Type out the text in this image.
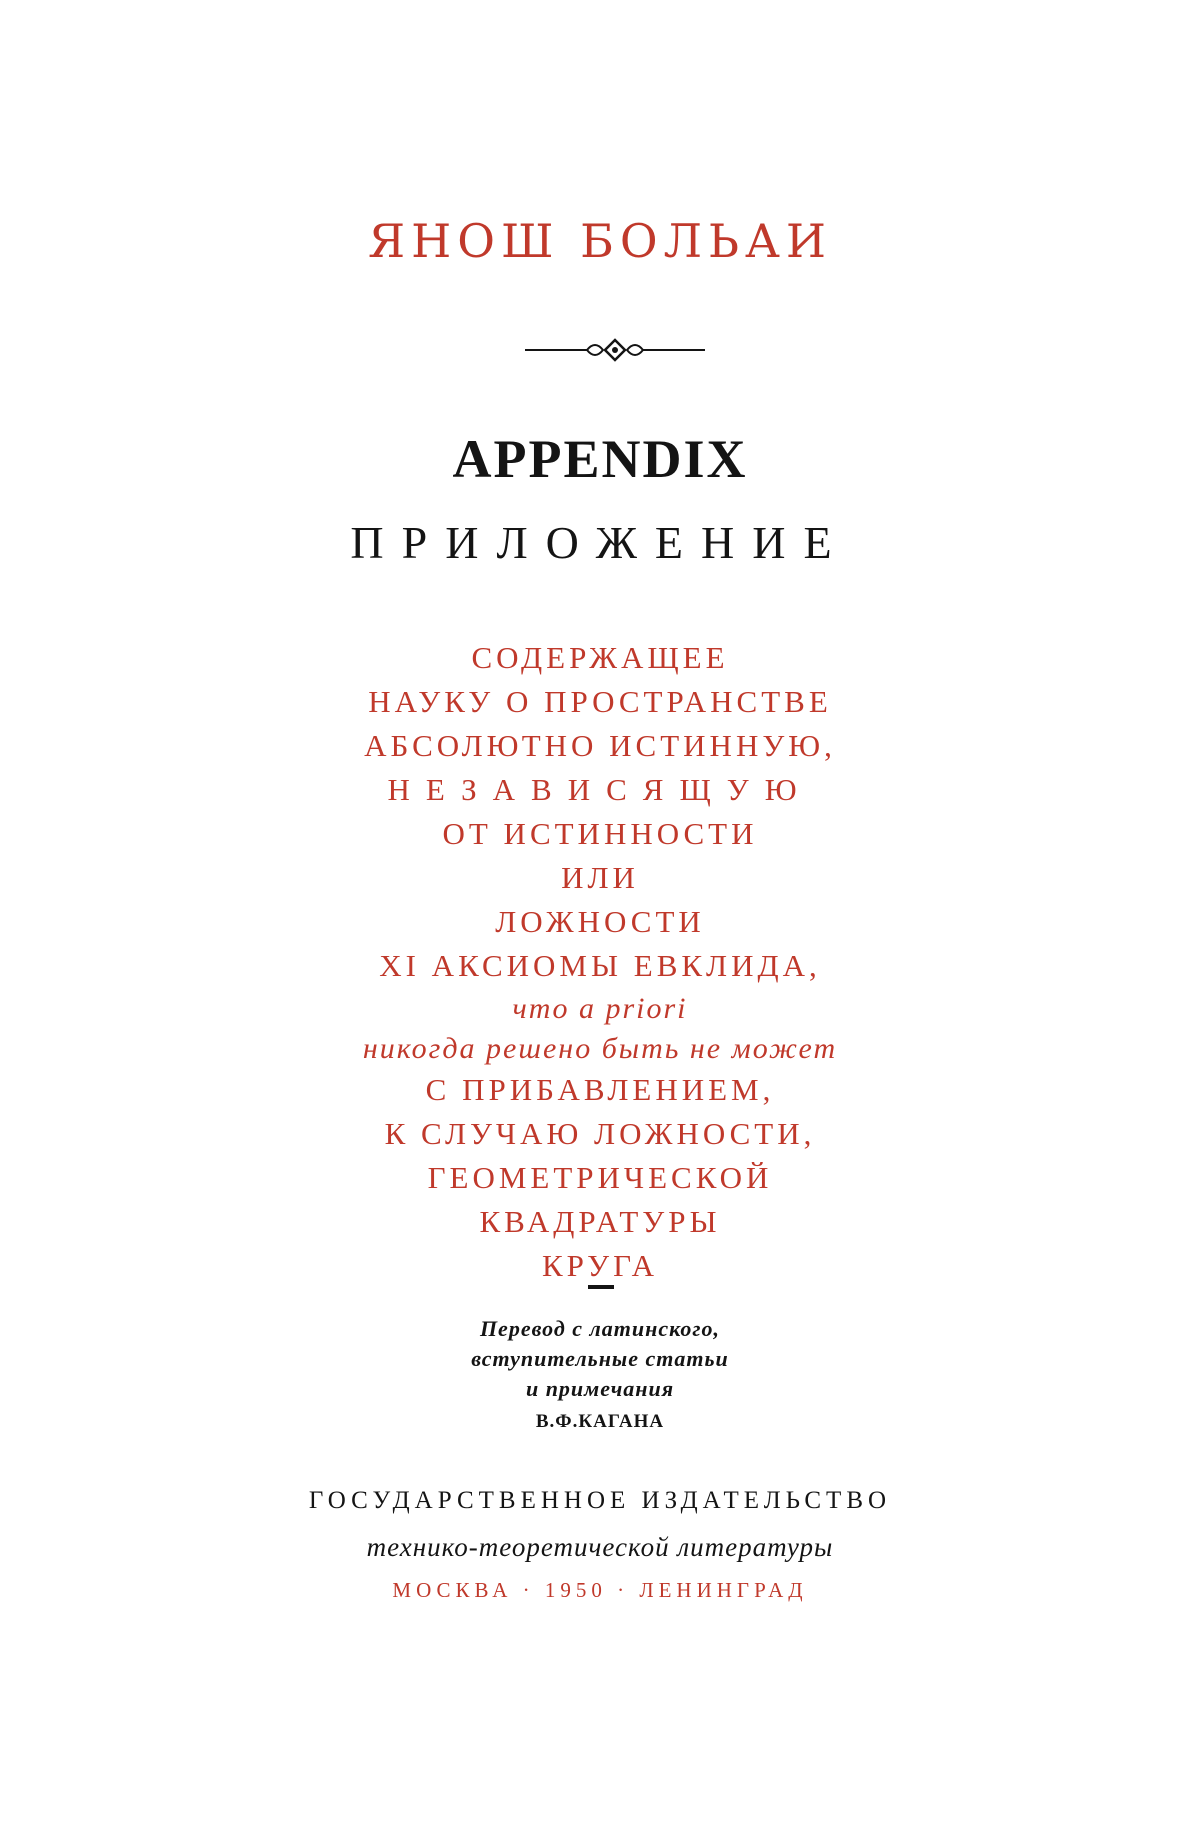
ЯНОШ БОЛЬАИ
APPENDIX
ПРИЛОЖЕНИЕ
СОДЕРЖАЩЕЕ
НАУКУ О ПРОСТРАНСТВЕ
АБСОЛЮТНО ИСТИННУЮ,
НЕЗАВИСЯЩУЮ
ОТ ИСТИННОСТИ
ИЛИ
ЛОЖНОСТИ
XI АКСИОМЫ ЕВКЛИДА,
что a priori
никогда решено быть не может
С ПРИБАВЛЕНИЕМ,
К СЛУЧАЮ ЛОЖНОСТИ,
ГЕОМЕТРИЧЕСКОЙ
КВАДРАТУРЫ
КРУГА
Перевод с латинского,
вступительные статьи
и примечания
В.Ф.КАГАНА
ГОСУДАРСТВЕННОЕ ИЗДАТЕЛЬСТВО
технико-теоретической литературы
МОСКВА · 1950 · ЛЕНИНГРАД
